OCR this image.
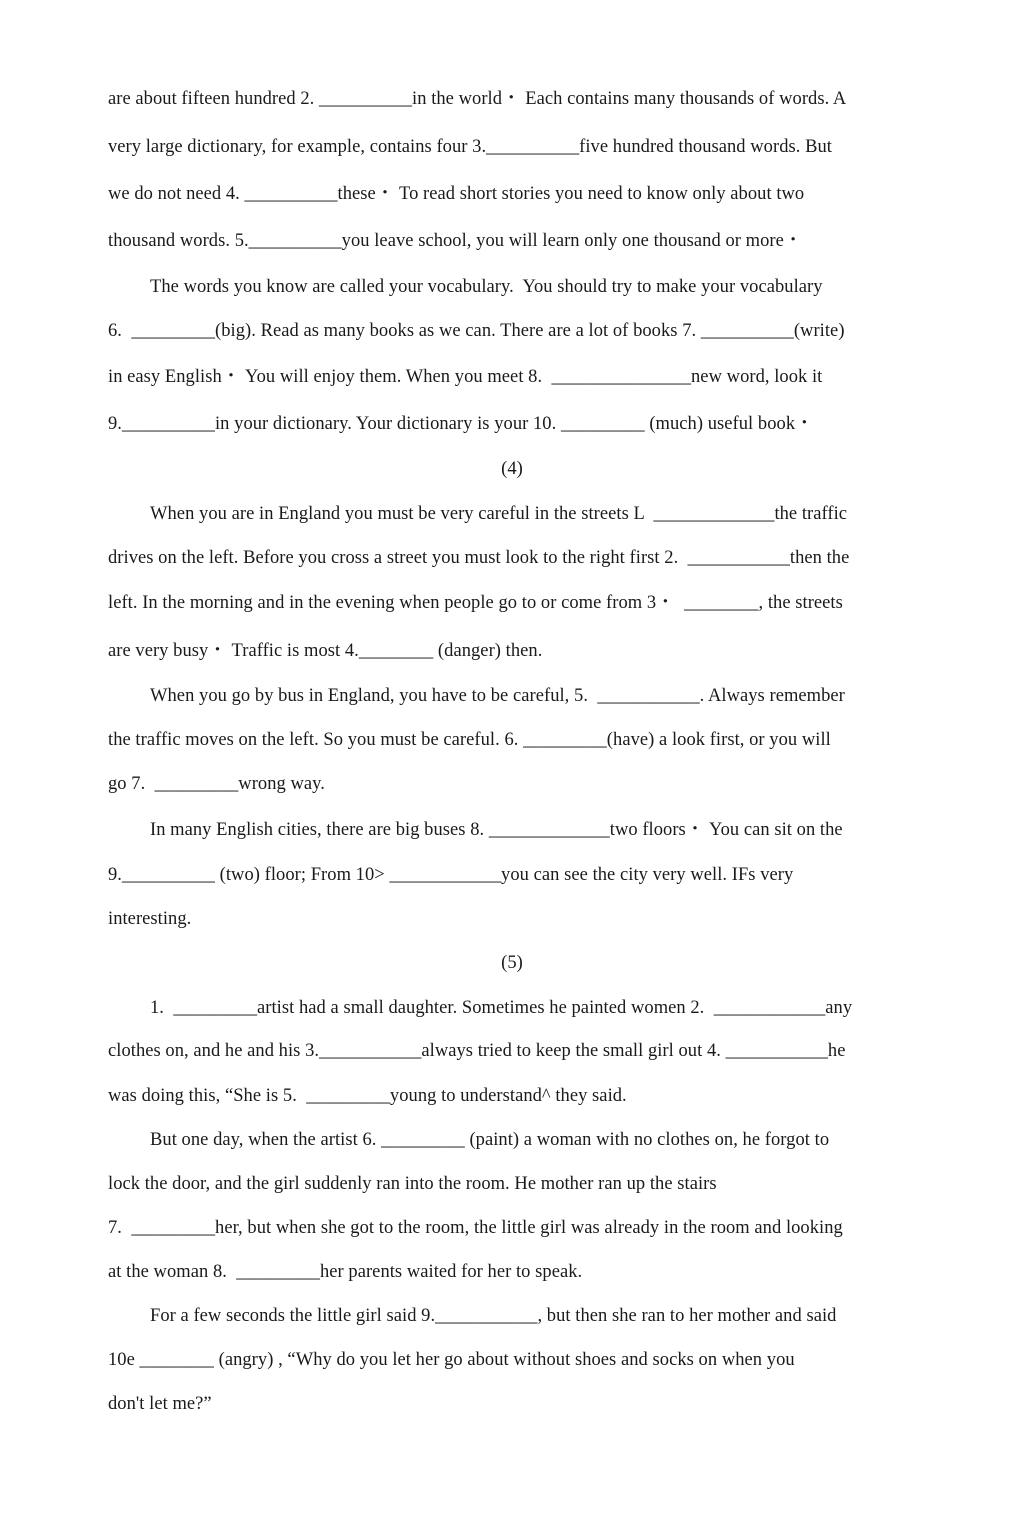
are about fifteen hundred 2. __________in the world・ Each contains many thousands of words. A
very large dictionary, for example, contains four 3.__________five hundred thousand words. But
we do not need 4. __________these・ To read short stories you need to know only about two
thousand words. 5.__________you leave school, you will learn only one thousand or more・
The words you know are called your vocabulary.  You should try to make your vocabulary
6.  _________(big). Read as many books as we can. There are a lot of books 7. __________(write)
in easy English・ You will enjoy them. When you meet 8.  _______________new word, look it
9.__________in your dictionary. Your dictionary is your 10. _________ (much) useful book・
(4)
When you are in England you must be very careful in the streets L  _____________the traffic
drives on the left. Before you cross a street you must look to the right first 2.  ___________then the
left. In the morning and in the evening when people go to or come from 3・  ________, the streets
are very busy・ Traffic is most 4.________ (danger) then.
When you go by bus in England, you have to be careful, 5.  ___________. Always remember
the traffic moves on the left. So you must be careful. 6. _________(have) a look first, or you will
go 7.  _________wrong way.
In many English cities, there are big buses 8. _____________two floors・ You can sit on the
9.__________ (two) floor; From 10> ____________you can see the city very well. IFs very
interesting.
(5)
1.  _________artist had a small daughter. Sometimes he painted women 2.  ____________any
clothes on, and he and his 3.___________always tried to keep the small girl out 4. ___________he
was doing this, “She is 5.  _________young to understand^ they said.
But one day, when the artist 6. _________ (paint) a woman with no clothes on, he forgot to
lock the door, and the girl suddenly ran into the room. He mother ran up the stairs
7.  _________her, but when she got to the room, the little girl was already in the room and looking
at the woman 8.  _________her parents waited for her to speak.
For a few seconds the little girl said 9.___________, but then she ran to her mother and said
10e ________ (angry) , “Why do you let her go about without shoes and socks on when you
don't let me?”
